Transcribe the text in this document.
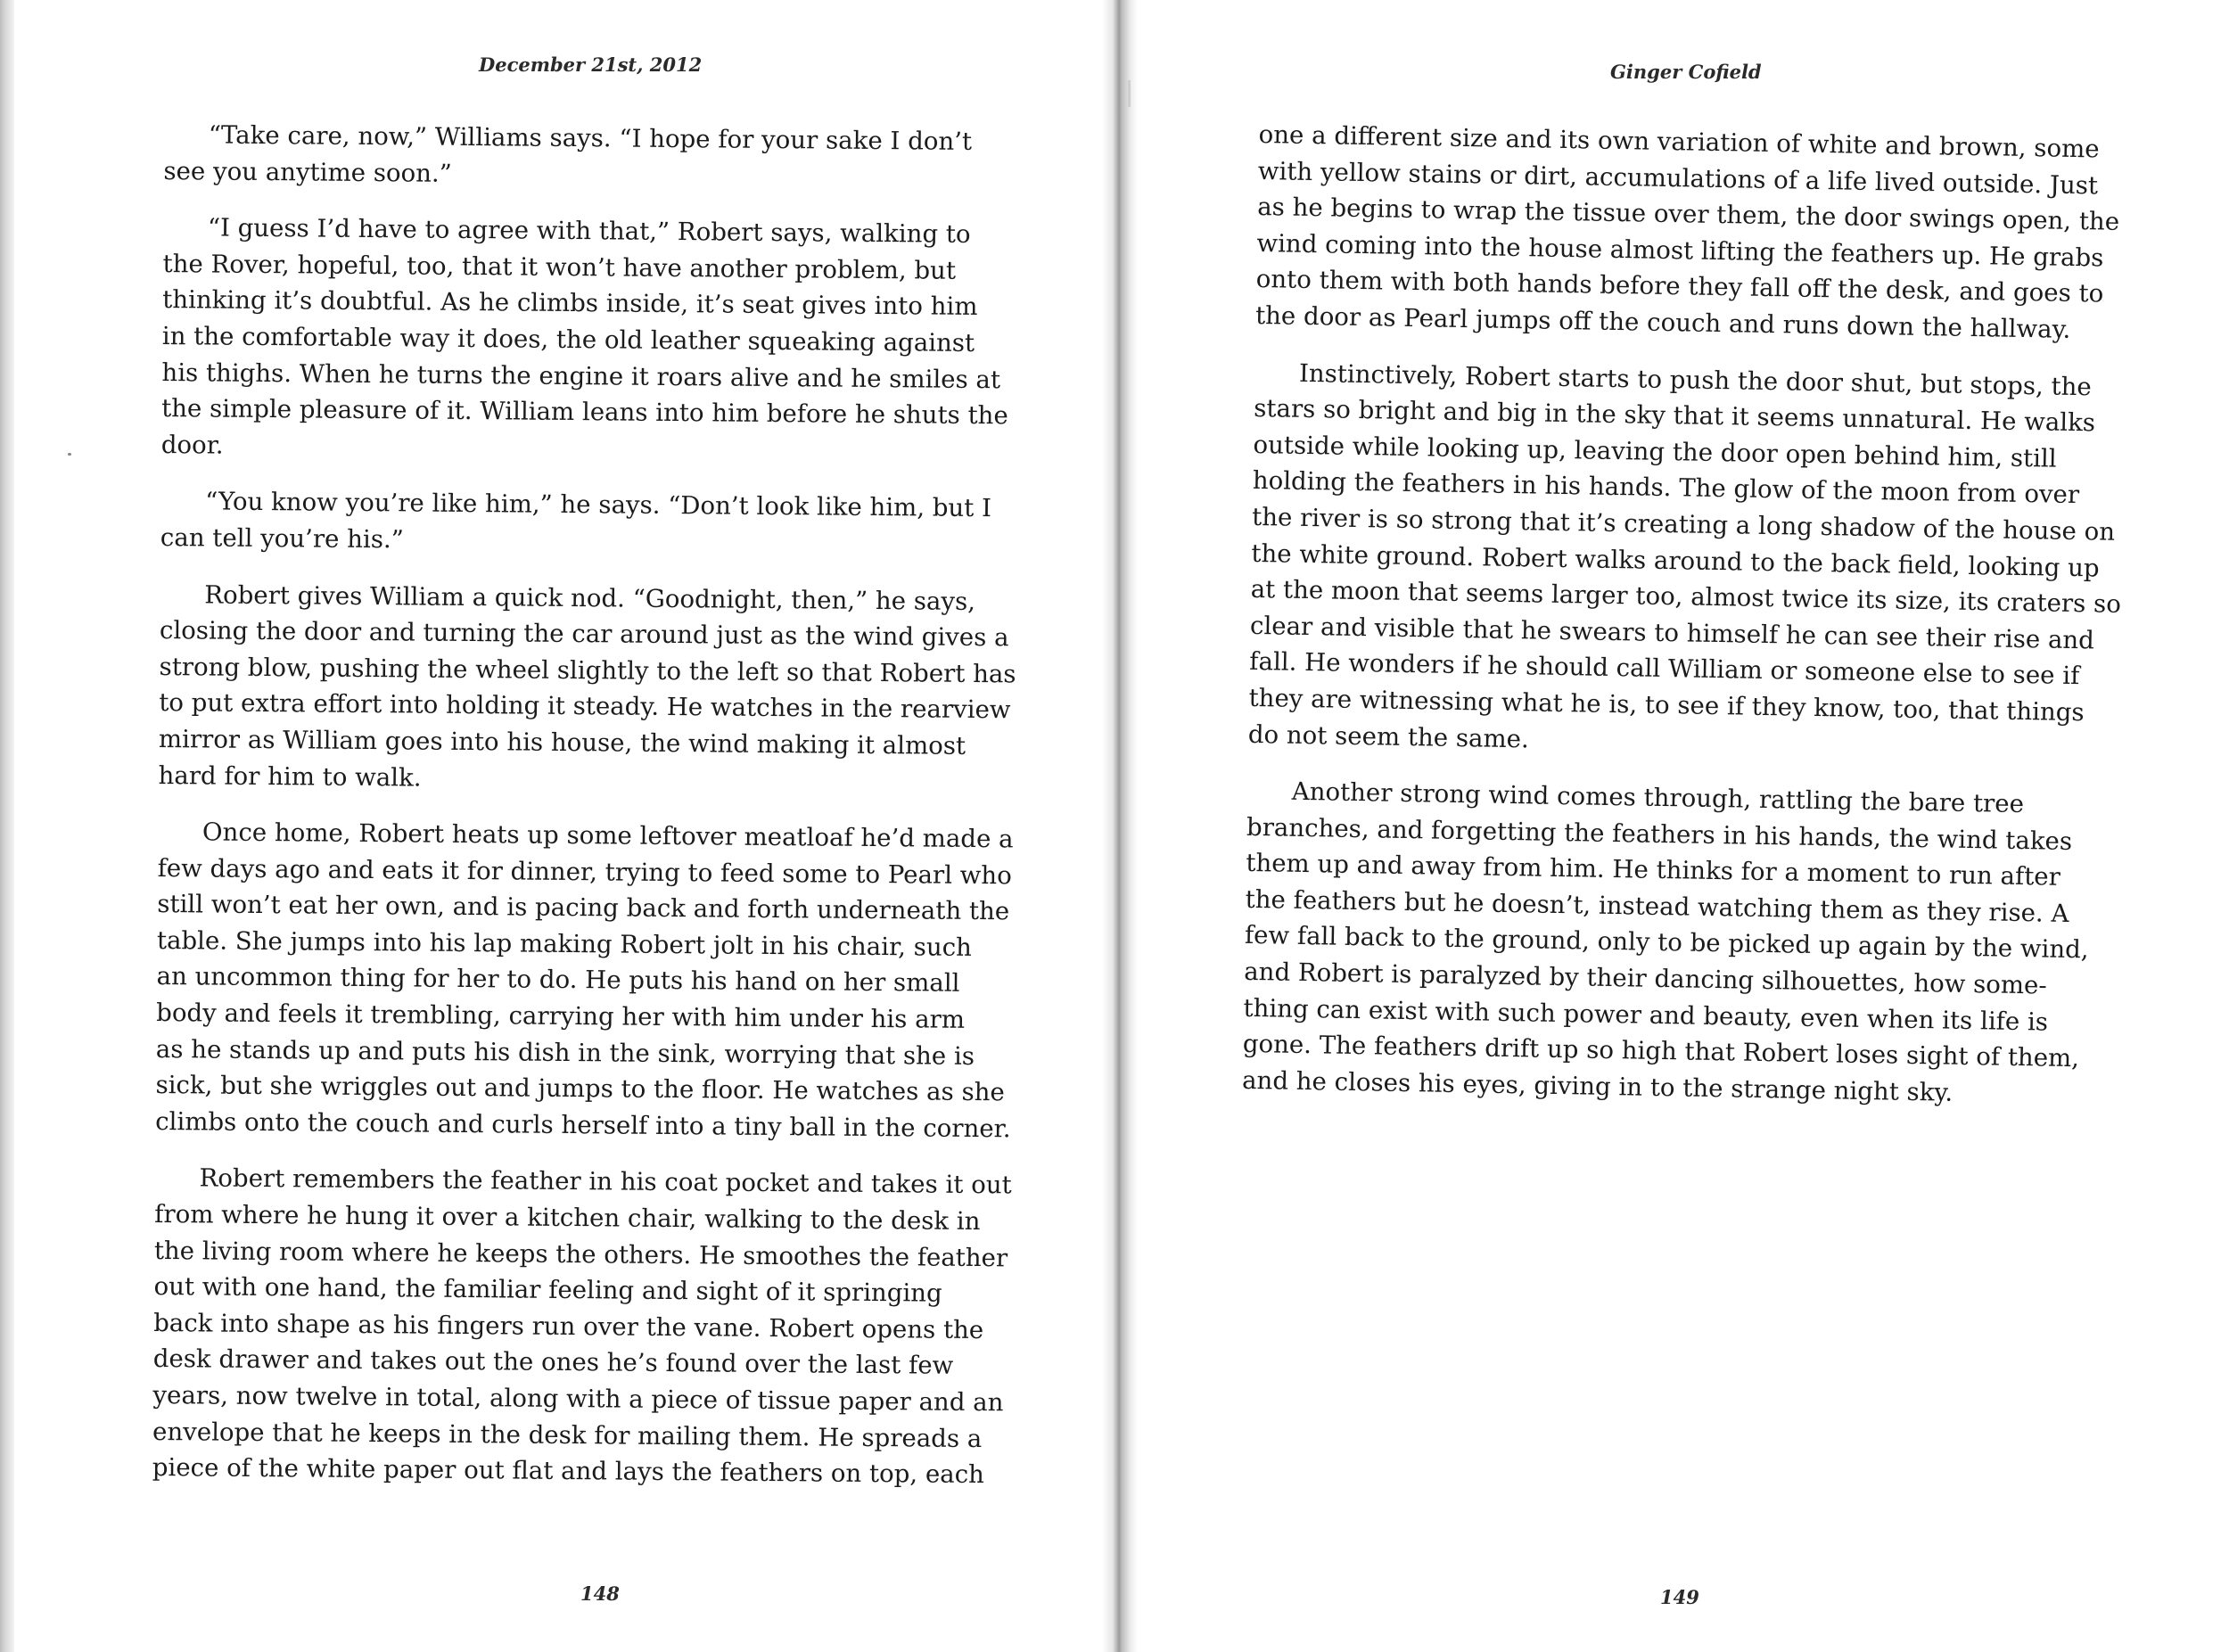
December 21st, 2012
“Take care, now,” Williams says. “I hope for your sake I don’t
see you anytime soon.”
“I guess I’d have to agree with that,” Robert says, walking to
the Rover, hopeful, too, that it won’t have another problem, but
thinking it’s doubtful. As he climbs inside, it’s seat gives into him
in the comfortable way it does, the old leather squeaking against
his thighs. When he turns the engine it roars alive and he smiles at
the simple pleasure of it. William leans into him before he shuts the
door.
“You know you’re like him,” he says. “Don’t look like him, but I
can tell you’re his.”
Robert gives William a quick nod. “Goodnight, then,” he says,
closing the door and turning the car around just as the wind gives a
strong blow, pushing the wheel slightly to the left so that Robert has
to put extra effort into holding it steady. He watches in the rearview
mirror as William goes into his house, the wind making it almost
hard for him to walk.
Once home, Robert heats up some leftover meatloaf he’d made a
few days ago and eats it for dinner, trying to feed some to Pearl who
still won’t eat her own, and is pacing back and forth underneath the
table. She jumps into his lap making Robert jolt in his chair, such
an uncommon thing for her to do. He puts his hand on her small
body and feels it trembling, carrying her with him under his arm
as he stands up and puts his dish in the sink, worrying that she is
sick, but she wriggles out and jumps to the floor. He watches as she
climbs onto the couch and curls herself into a tiny ball in the corner.
Robert remembers the feather in his coat pocket and takes it out
from where he hung it over a kitchen chair, walking to the desk in
the living room where he keeps the others. He smoothes the feather
out with one hand, the familiar feeling and sight of it springing
back into shape as his fingers run over the vane. Robert opens the
desk drawer and takes out the ones he’s found over the last few
years, now twelve in total, along with a piece of tissue paper and an
envelope that he keeps in the desk for mailing them. He spreads a
piece of the white paper out flat and lays the feathers on top, each
148
Ginger Cofield
one a different size and its own variation of white and brown, some
with yellow stains or dirt, accumulations of a life lived outside. Just
as he begins to wrap the tissue over them, the door swings open, the
wind coming into the house almost lifting the feathers up. He grabs
onto them with both hands before they fall off the desk, and goes to
the door as Pearl jumps off the couch and runs down the hallway.
Instinctively, Robert starts to push the door shut, but stops, the
stars so bright and big in the sky that it seems unnatural. He walks
outside while looking up, leaving the door open behind him, still
holding the feathers in his hands. The glow of the moon from over
the river is so strong that it’s creating a long shadow of the house on
the white ground. Robert walks around to the back field, looking up
at the moon that seems larger too, almost twice its size, its craters so
clear and visible that he swears to himself he can see their rise and
fall. He wonders if he should call William or someone else to see if
they are witnessing what he is, to see if they know, too, that things
do not seem the same.
Another strong wind comes through, rattling the bare tree
branches, and forgetting the feathers in his hands, the wind takes
them up and away from him. He thinks for a moment to run after
the feathers but he doesn’t, instead watching them as they rise. A
few fall back to the ground, only to be picked up again by the wind,
and Robert is paralyzed by their dancing silhouettes, how some-
thing can exist with such power and beauty, even when its life is
gone. The feathers drift up so high that Robert loses sight of them,
and he closes his eyes, giving in to the strange night sky.
149
